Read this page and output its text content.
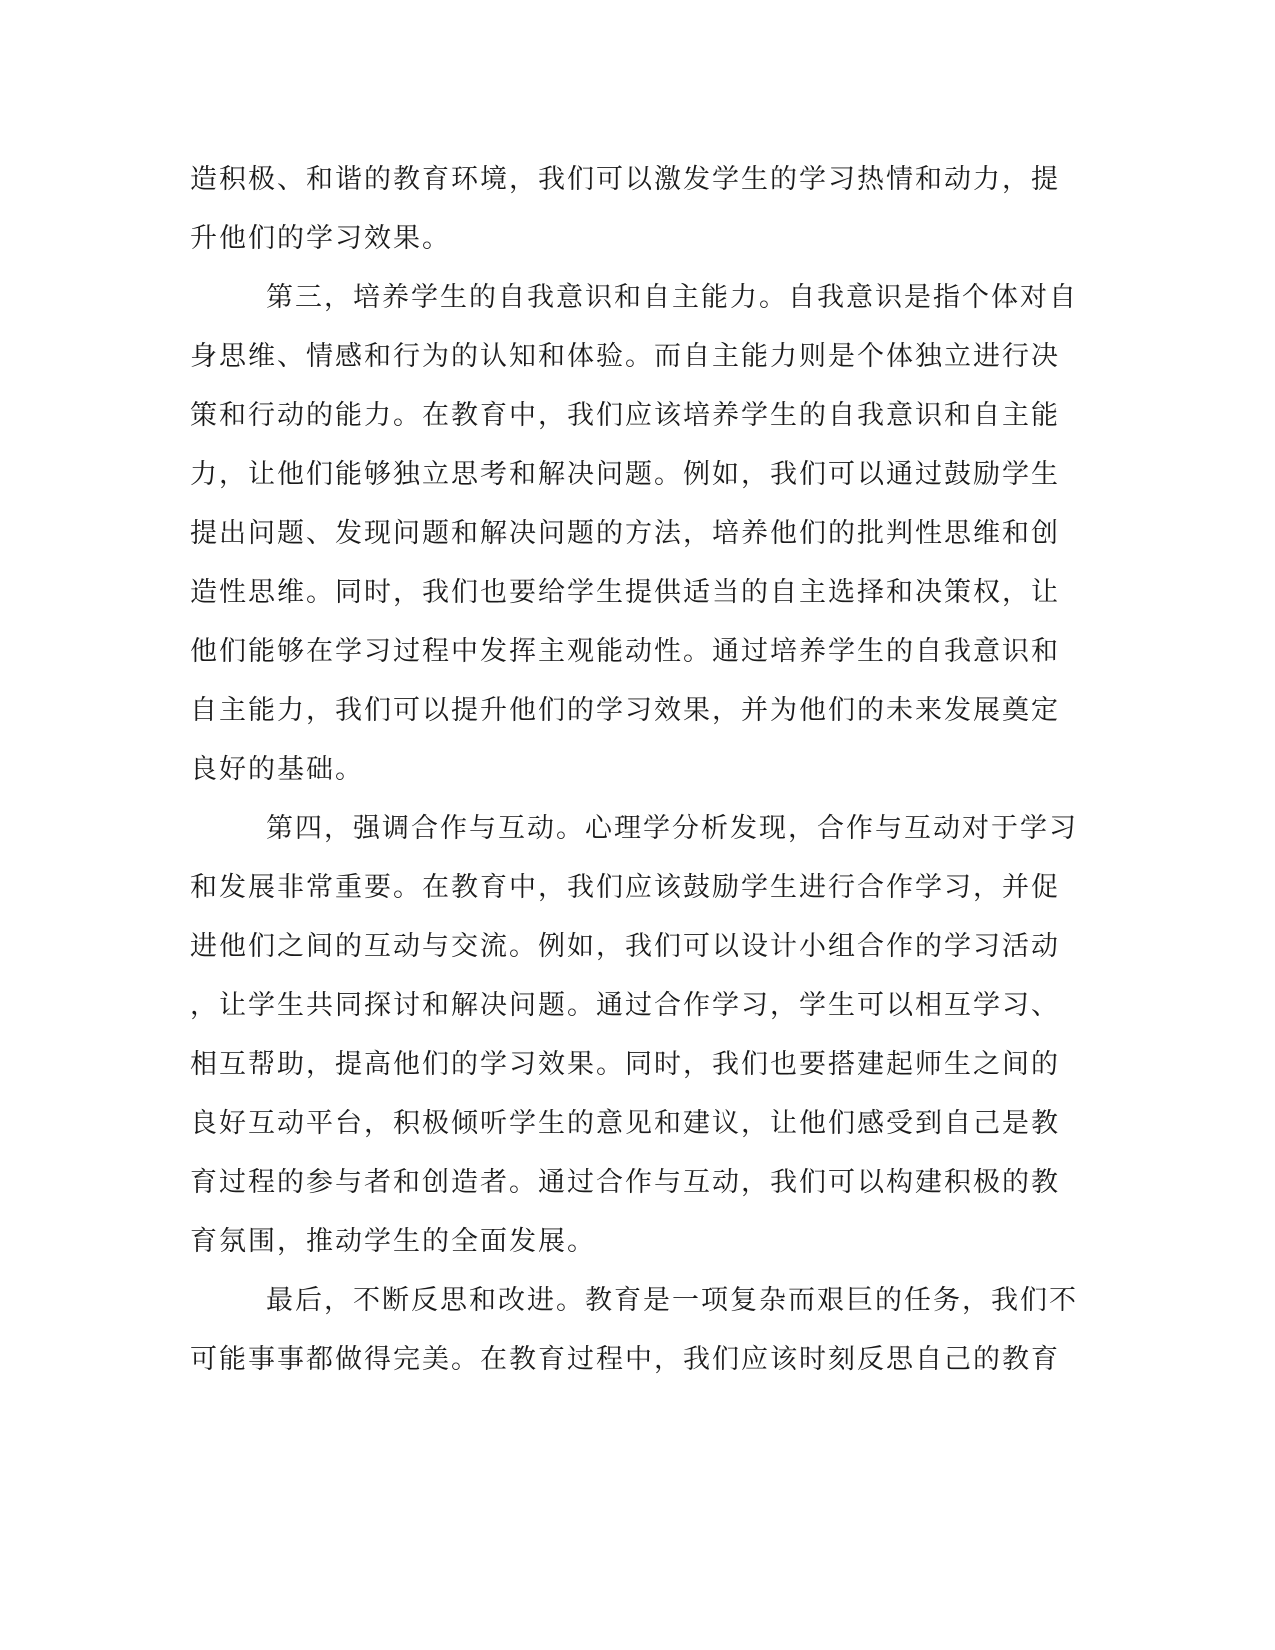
造积极、和谐的教育环境，我们可以激发学生的学习热情和动力，提
升他们的学习效果。
第三，培养学生的自我意识和自主能力。自我意识是指个体对自
身思维、情感和行为的认知和体验。而自主能力则是个体独立进行决
策和行动的能力。在教育中，我们应该培养学生的自我意识和自主能
力，让他们能够独立思考和解决问题。例如，我们可以通过鼓励学生
提出问题、发现问题和解决问题的方法，培养他们的批判性思维和创
造性思维。同时，我们也要给学生提供适当的自主选择和决策权，让
他们能够在学习过程中发挥主观能动性。通过培养学生的自我意识和
自主能力，我们可以提升他们的学习效果，并为他们的未来发展奠定
良好的基础。
第四，强调合作与互动。心理学分析发现，合作与互动对于学习
和发展非常重要。在教育中，我们应该鼓励学生进行合作学习，并促
进他们之间的互动与交流。例如，我们可以设计小组合作的学习活动
，让学生共同探讨和解决问题。通过合作学习，学生可以相互学习、
相互帮助，提高他们的学习效果。同时，我们也要搭建起师生之间的
良好互动平台，积极倾听学生的意见和建议，让他们感受到自己是教
育过程的参与者和创造者。通过合作与互动，我们可以构建积极的教
育氛围，推动学生的全面发展。
最后，不断反思和改进。教育是一项复杂而艰巨的任务，我们不
可能事事都做得完美。在教育过程中，我们应该时刻反思自己的教育
